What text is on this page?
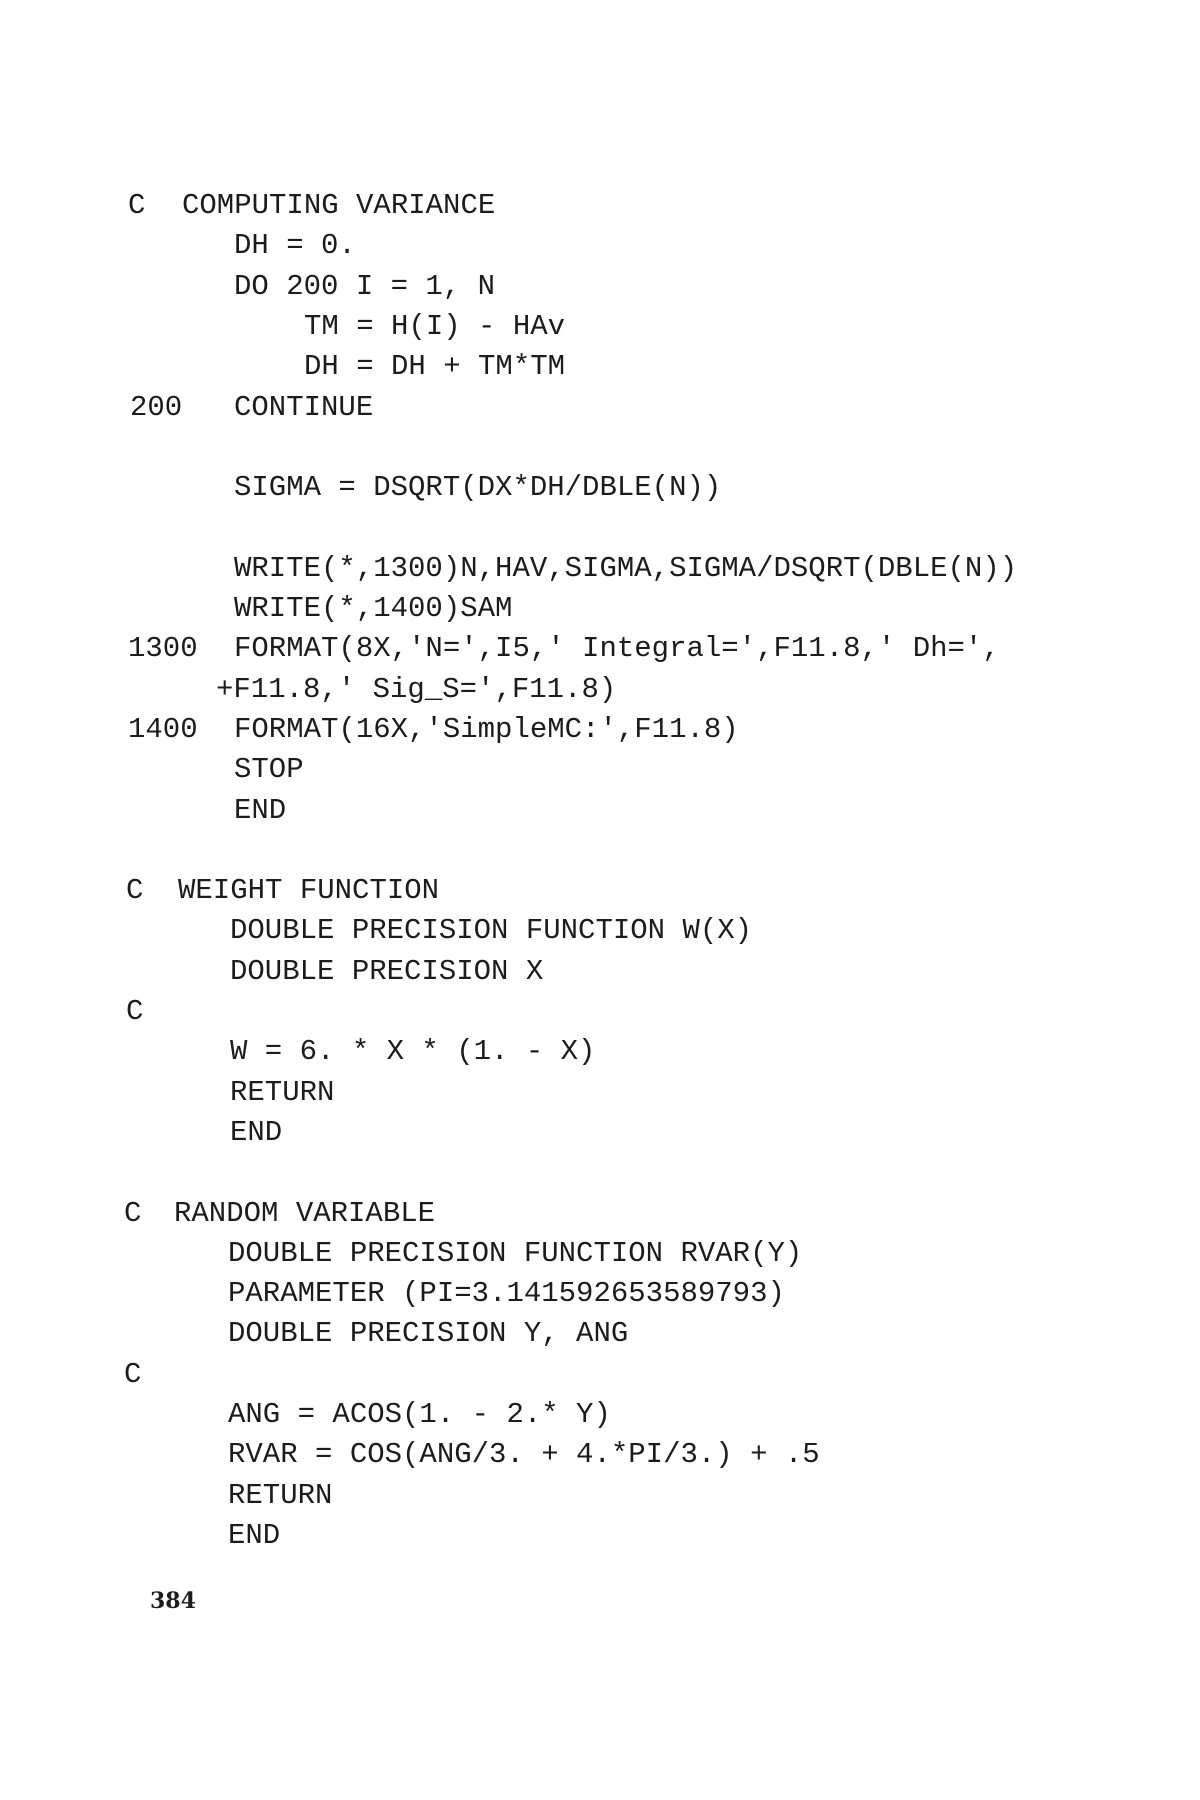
C COMPUTING VARIANCE
DH = 0.
DO 200 I = 1, N
TM = H(I) - HAv
DH = DH + TM*TM
200 CONTINUE
SIGMA = DSQRT(DX*DH/DBLE(N))
WRITE(*,1300)N,HAV,SIGMA,SIGMA/DSQRT(DBLE(N))
WRITE(*,1400)SAM
1300 FORMAT(8X,'N=',I5,' Integral=',F11.8,' Dh=',
+F11.8,' Sig_S=',F11.8)
1400 FORMAT(16X,'SimpleMC:',F11.8)
STOP
END
C WEIGHT FUNCTION
DOUBLE PRECISION FUNCTION W(X)
DOUBLE PRECISION X
C
W = 6. * X * (1. - X)
RETURN
END
C RANDOM VARIABLE
DOUBLE PRECISION FUNCTION RVAR(Y)
PARAMETER (PI=3.141592653589793)
DOUBLE PRECISION Y, ANG
C
ANG = ACOS(1. - 2.* Y)
RVAR = COS(ANG/3. + 4.*PI/3.) + .5
RETURN
END
384
